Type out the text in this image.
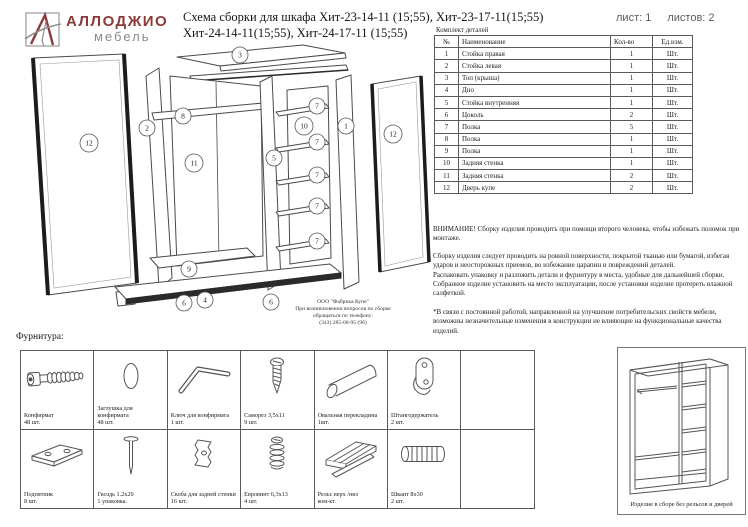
АЛЛОДЖИО
мебель
Схема сборки для шкафа Хит-23-14-11 (15;55), Хит-23-17-11(15;55)
Хит-24-14-11(15;55), Хит-24-17-11 (15;55)
лист: 1 листов: 2
3
8
2
12
11
5
10
7
7
7
7
7
1
12
9
6 4	6	ООО "Фабрика Купе"
При возникновении вопросов по сборке
обращаться по телефону:
(343) 285-00-95 (96)
Комплект деталей
№	Наименование	Кол-во	Ед.изм.
1	Стойка правая	1	Шт.
2	Стойка левая	1	Шт.
3	Топ (крыша)	1	Шт.
4	Дно	1	Шт.
5	Стойка внутренняя	1	Шт.
6	Цоколь	2	Шт.
7	Полка	5	Шт.
8	Полка	1	Шт.
9	Полка	1	Шт.
10	Задняя стенка	1	Шт.
11	Задняя стенка	2	Шт.
12	Дверь купе	2	Шт.
ВНИМАНИЕ! Сборку изделия проводить при помощи второго человека, чтобы избежать поломок при монтаже.
Сборку изделия следует проводить на ровной поверхности, покрытой тканью или бумагой, избегая ударов и неосторожных приемов, во избежание царапин и повреждений деталей.
Распаковать упаковку и разложить детали и фурнитуру в места, удобные для дальнейшей сборки.
Собранное изделие установить на место эксплуатации, после установки изделие протереть влажной салфеткой.
*В связи с постоянной работой, направленной на улучшение потребительских свойств мебели, возможны незначительные изменения в конструкции не влияющие на функциональные качества изделий.
Фурнитура:
Конфирмат
48 шт.
Заглушка для конфирмата
48 шт.
Ключ для конфирмата
1 шт.
Саморез 3,5х11
9 шт.
Овальная перекладина
1шт.
Штангодержатель
2 шт.
Подпятник
8 шт.
Гвоздь 1.2х20
1 упаковка.
Скоба для задней стенки
16 шт.
Евровинт 6,3х13
4 шт.
Рельс верх /низ
ком-кт.
Шкант 8х30
2 шт.	Изделие в сборе без рельсов и дверей
